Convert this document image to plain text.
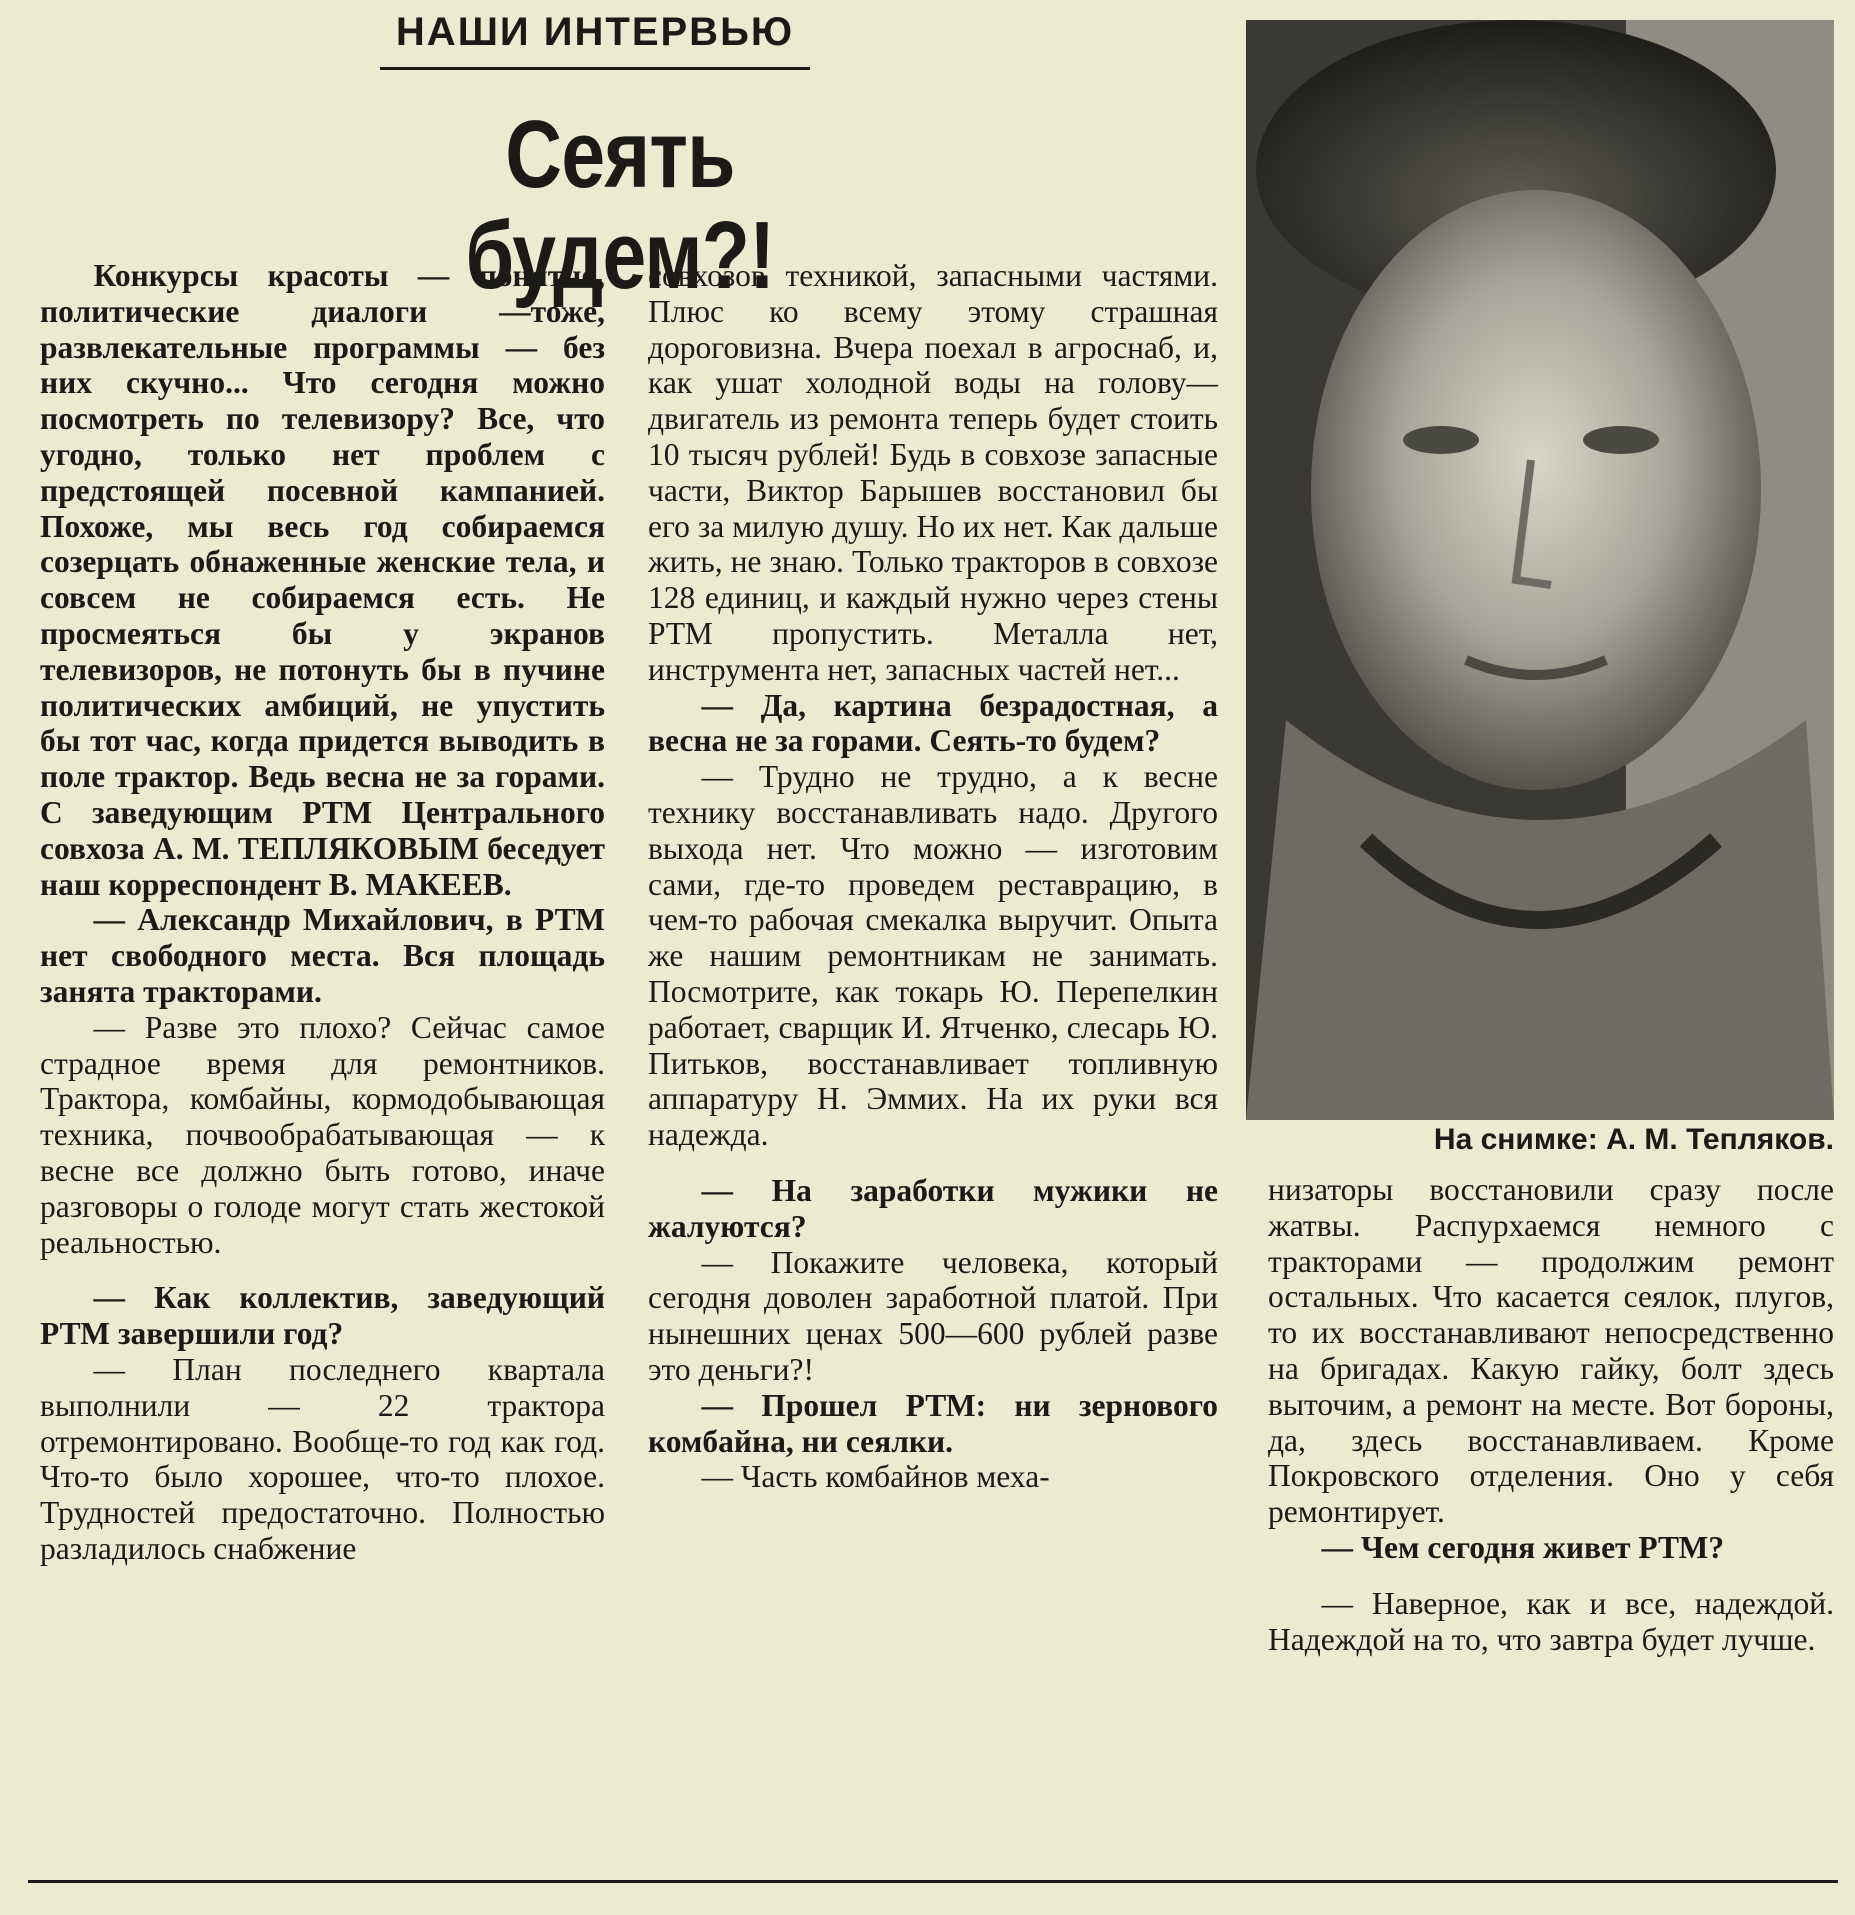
НАШИ ИНТЕРВЬЮ
Сеять будем?!

Конкурсы красоты — понятно, политические диалоги —тоже, развлекательные программы — без них скучно... Что сегодня можно посмотреть по телевизору? Все, что угодно, только нет проблем с предстоящей посевной кампанией. Похоже, мы весь год собираемся созерцать обнаженные женские тела, и совсем не собираемся есть. Не просмеяться бы у экранов телевизоров, не потонуть бы в пучине политических амбиций, не упустить бы тот час, когда придется выводить в поле трактор. Ведь весна не за горами. С заведующим РТМ Центрального совхоза А. М. ТЕПЛЯКОВЫМ беседует наш корреспондент В. МАКЕЕВ.

— Александр Михайлович, в РТМ нет свободного места. Вся площадь занята тракторами.

— Разве это плохо? Сейчас самое страдное время для ремонтников. Трактора, комбайны, кормодобывающая техника, почвообрабатывающая — к весне все должно быть готово, иначе разговоры о голоде могут стать жестокой реальностью.

— Как коллектив, заведующий РТМ завершили год?

— План последнего квартала выполнили — 22 трактора отремонтировано. Вообще-то год как год. Что-то было хорошее, что-то плохое. Трудностей предостаточно. Полностью разладилось снабжение

совхозов техникой, запасными частями. Плюс ко всему этому страшная дороговизна. Вчера поехал в агроснаб, и, как ушат холодной воды на голову—двигатель из ремонта теперь будет стоить 10 тысяч рублей! Будь в совхозе запасные части, Виктор Барышев восстановил бы его за милую душу. Но их нет. Как дальше жить, не знаю. Только тракторов в совхозе 128 единиц, и каждый нужно через стены РТМ пропустить. Металла нет, инструмента нет, запасных частей нет...

— Да, картина безрадостная, а весна не за горами. Сеять-то будем?

— Трудно не трудно, а к весне технику восстанавливать надо. Другого выхода нет. Что можно — изготовим сами, где-то проведем реставрацию, в чем-то рабочая смекалка выручит. Опыта же нашим ремонтникам не занимать. Посмотрите, как токарь Ю. Перепелкин работает, сварщик И. Ятченко, слесарь Ю. Питьков, восстанавливает топливную аппаратуру Н. Эммих. На их руки вся надежда.

— На заработки мужики не жалуются?

— Покажите человека, который сегодня доволен заработной платой. При нынешних ценах 500—600 рублей разве это деньги?!

— Прошел РТМ: ни зернового комбайна, ни сеялки.

— Часть комбайнов меха-

На снимке: А. М. Тепляков.

низаторы восстановили сразу после жатвы. Распурхаемся немного с тракторами — продолжим ремонт остальных. Что касается сеялок, плугов, то их восстанавливают непосредственно на бригадах. Какую гайку, болт здесь выточим, а ремонт на месте. Вот бороны, да, здесь восстанавливаем. Кроме Покровского отделения. Оно у себя ремонтирует.

— Чем сегодня живет РТМ?

— Наверное, как и все, надеждой. Надеждой на то, что завтра будет лучше.
